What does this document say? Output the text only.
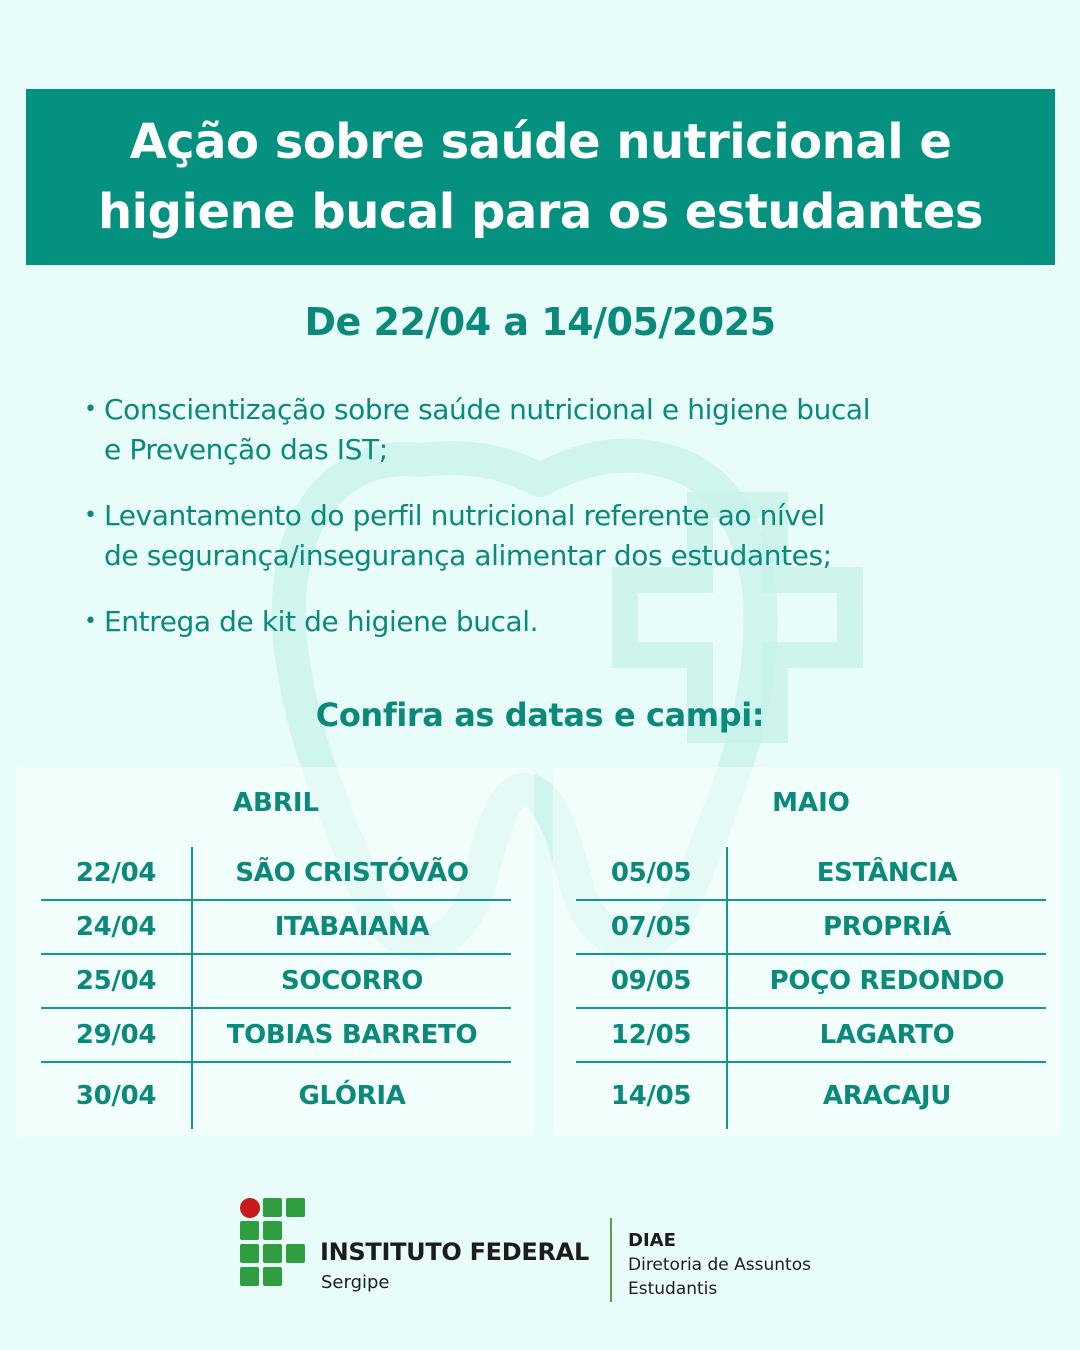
Ação sobre saúde nutricional e
higiene bucal para os estudantes
De 22/04 a 14/05/2025
• Conscientização sobre saúde nutricional e higiene bucal
e Prevenção das IST;
• Levantamento do perfil nutricional referente ao nível
de segurança/insegurança alimentar dos estudantes;
• Entrega de kit de higiene bucal.
Confira as datas e campi:
ABRIL	MAIO
22/04	SÃO CRISTÓVÃO
24/04	ITABAIANA
25/04	SOCORRO
29/04	TOBIAS BARRETO
30/04	GLÓRIA
05/05	ESTÂNCIA
07/05	PROPRIÁ
09/05	POÇO REDONDO
12/05	LAGARTO
14/05	ARACAJU
INSTITUTO FEDERAL
Sergipe
DIAE
Diretoria de Assuntos Estudantis
